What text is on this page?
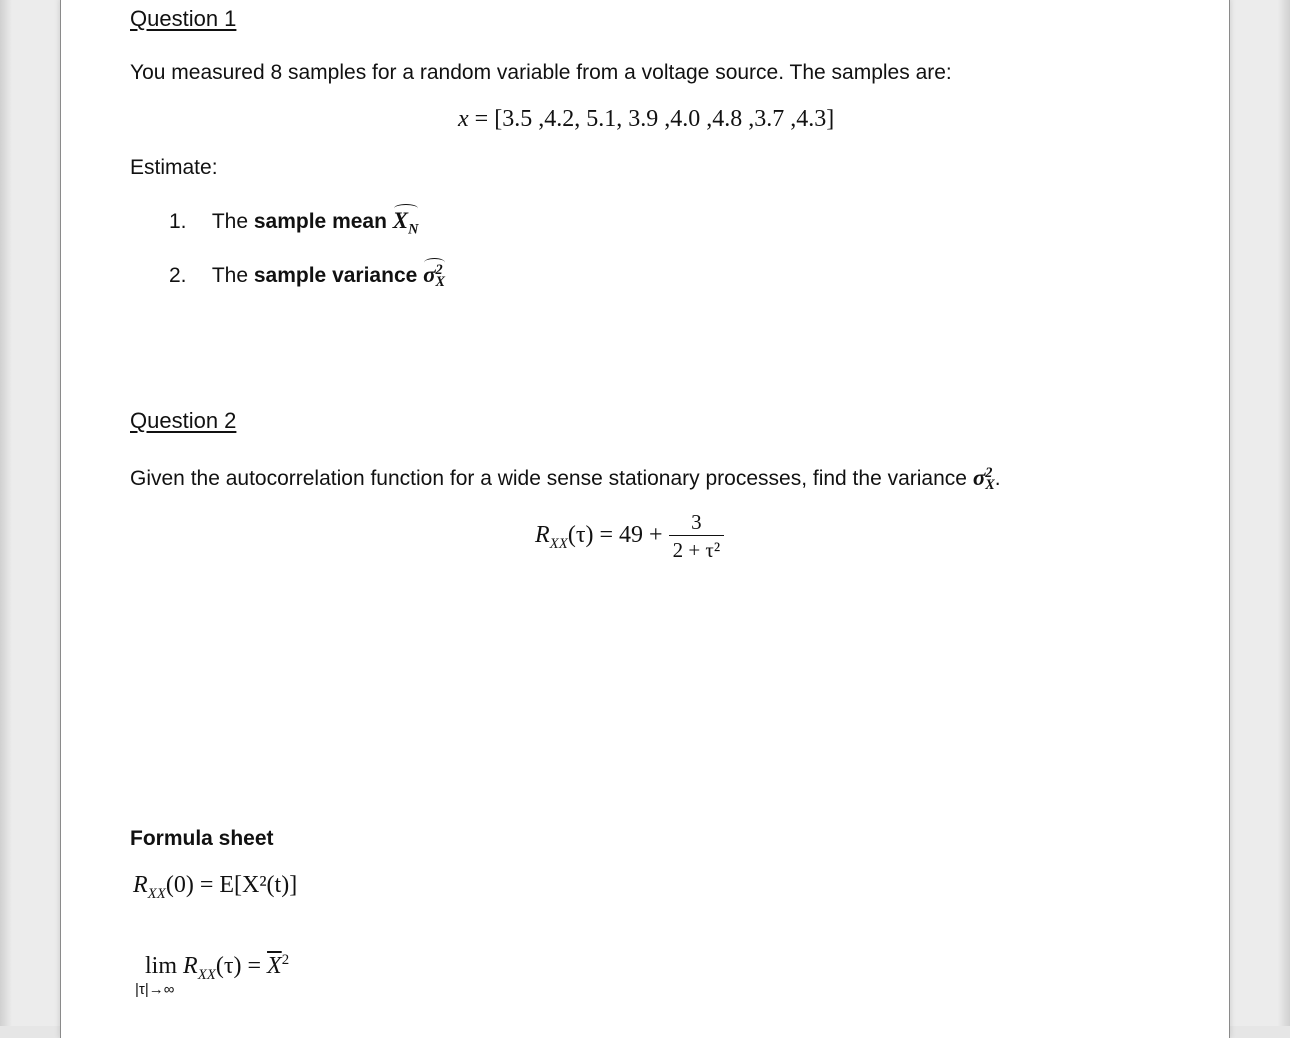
Question 1
You measured 8 samples for a random variable from a voltage source. The samples are:
x = [3.5 ,4.2, 5.1, 3.9 ,4.0 ,4.8 ,3.7 ,4.3]
Estimate:
1. The sample mean $X_N$
2. The sample variance σ 2
X
Question 2
Given the autocorrelation function for a wide sense stationary processes, find the variance σ 2
X .
$R_{XX}(\tau) = 49 + \frac{3}{\text{2 + τ²}}$
Formula sheet
$R_{XX}(0) = E[X^2(t)]$
lim
|τ|→∞
$R_{XX}(\tau) = \overline{X}^2$
